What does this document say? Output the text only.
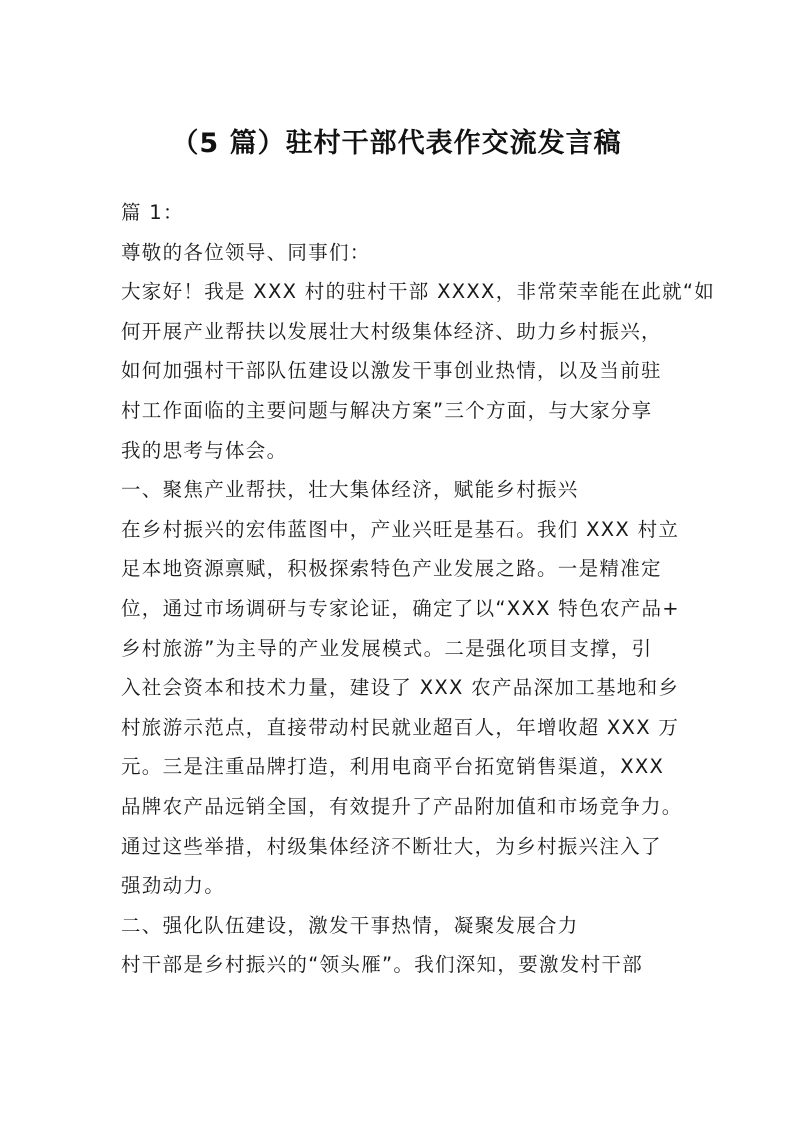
（5 篇）驻村干部代表作交流发言稿
篇 1：
尊敬的各位领导、同事们：
大家好！我是 XXX 村的驻村干部 XXXX，非常荣幸能在此就“如
何开展产业帮扶以发展壮大村级集体经济、助力乡村振兴，
如何加强村干部队伍建设以激发干事创业热情，以及当前驻
村工作面临的主要问题与解决方案”三个方面，与大家分享
我的思考与体会。
一、聚焦产业帮扶，壮大集体经济，赋能乡村振兴
在乡村振兴的宏伟蓝图中，产业兴旺是基石。我们 XXX 村立
足本地资源禀赋，积极探索特色产业发展之路。一是精准定
位，通过市场调研与专家论证，确定了以“XXX 特色农产品+
乡村旅游”为主导的产业发展模式。二是强化项目支撑，引
入社会资本和技术力量，建设了 XXX 农产品深加工基地和乡
村旅游示范点，直接带动村民就业超百人，年增收超 XXX 万
元。三是注重品牌打造，利用电商平台拓宽销售渠道，XXX
品牌农产品远销全国，有效提升了产品附加值和市场竞争力。
通过这些举措，村级集体经济不断壮大，为乡村振兴注入了
强劲动力。
二、强化队伍建设，激发干事热情，凝聚发展合力
村干部是乡村振兴的“领头雁”。我们深知，要激发村干部
